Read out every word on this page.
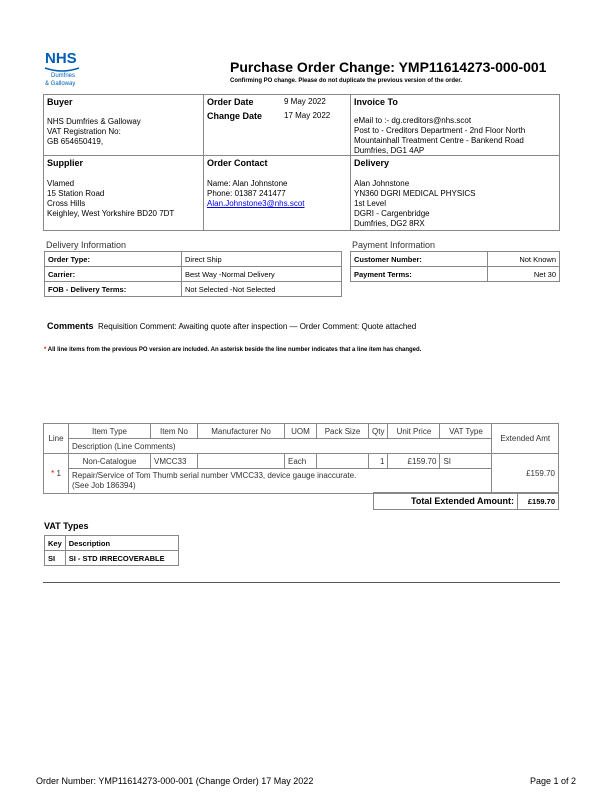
NHS
Dumfries
& Galloway
Purchase Order Change: YMP11614273-000-001
Confirming PO change. Please do not duplicate the previous version of the order.
Buyer
NHS Dumfries & Galloway
VAT Registration No:
GB 654650419,
Order Date	9 May 2022
Change Date	17 May 2022
Invoice To
eMail to :- dg.creditors@nhs.scot
Post to - Creditors Department - 2nd Floor North
Mountainhall Treatment Centre - Bankend Road
Dumfries, DG1 4AP
Supplier
Vlamed
15 Station Road
Cross Hills
Keighley, West Yorkshire BD20 7DT
Order Contact
Name: Alan Johnstone
Phone: 01387 241477
Alan.Johnstone3@nhs.scot
Delivery
Alan Johnstone
YN360 DGRI MEDICAL PHYSICS
1st Level
DGRI - Cargenbridge
Dumfries, DG2 8RX
Delivery Information
Order Type:	Direct Ship
Carrier:	Best Way -Normal Delivery
FOB - Delivery Terms:	Not Selected -Not Selected
Payment Information
Customer Number:	Not Known
Payment Terms:	Net 30
Comments Requisition Comment: Awaiting quote after inspection — Order Comment: Quote attached
* All line items from the previous PO version are included. An asterisk beside the line number indicates that a line item has changed.
Line	Item Type	Item No	Manufacturer No	UOM	Pack Size	Qty	Unit Price	VAT Type	Extended Amt
	Description (Line Comments)								
* 1	Non-Catalogue	VMCC33		Each		1	£159.70	SI	£159.70

	Repair/Service of Tom Thumb serial number VMCC33, device gauge inaccurate.
(See Job 186394)								
Total Extended Amount:	£159.70
VAT Types
Key	Description
SI	SI - STD IRRECOVERABLE
Order Number: YMP11614273-000-001 (Change Order) 17 May 2022	Page 1 of 2
